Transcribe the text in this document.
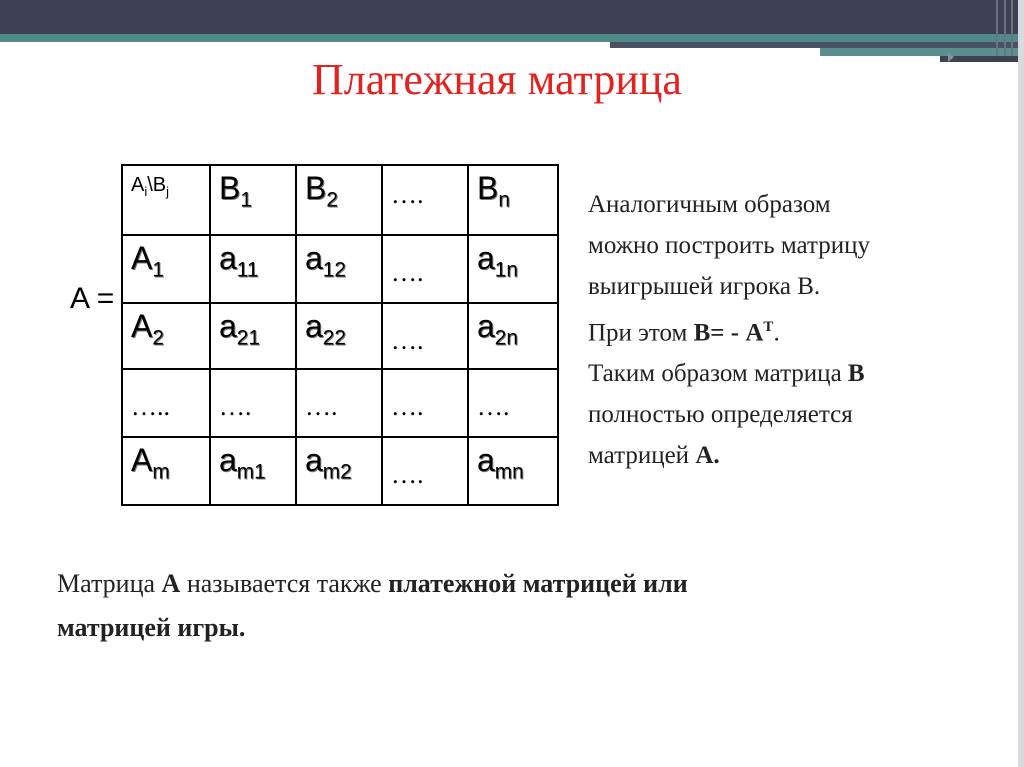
Платежная матрица
A =
$A_i\backslash B_j$	$B_1$	$B_2$	….	$B_n$
$A_1$	$a_{11}$	$a_{12}$	….	$a_{1n}$
$A_2$	$a_{21}$	$a_{22}$	….	$a_{2n}$
…..	….	….	….	….
$A_m$	$a_{m1}$	$a_{m2}$	….	$a_{mn}$
Аналогичным образом
можно построить матрицу
выигрышей игрока В.
При этом $В= - А^Т$.
Таким образом матрица В
полностью определяется
матрицей А.
Матрица А называется также платежной матрицей или
матрицей игры.
